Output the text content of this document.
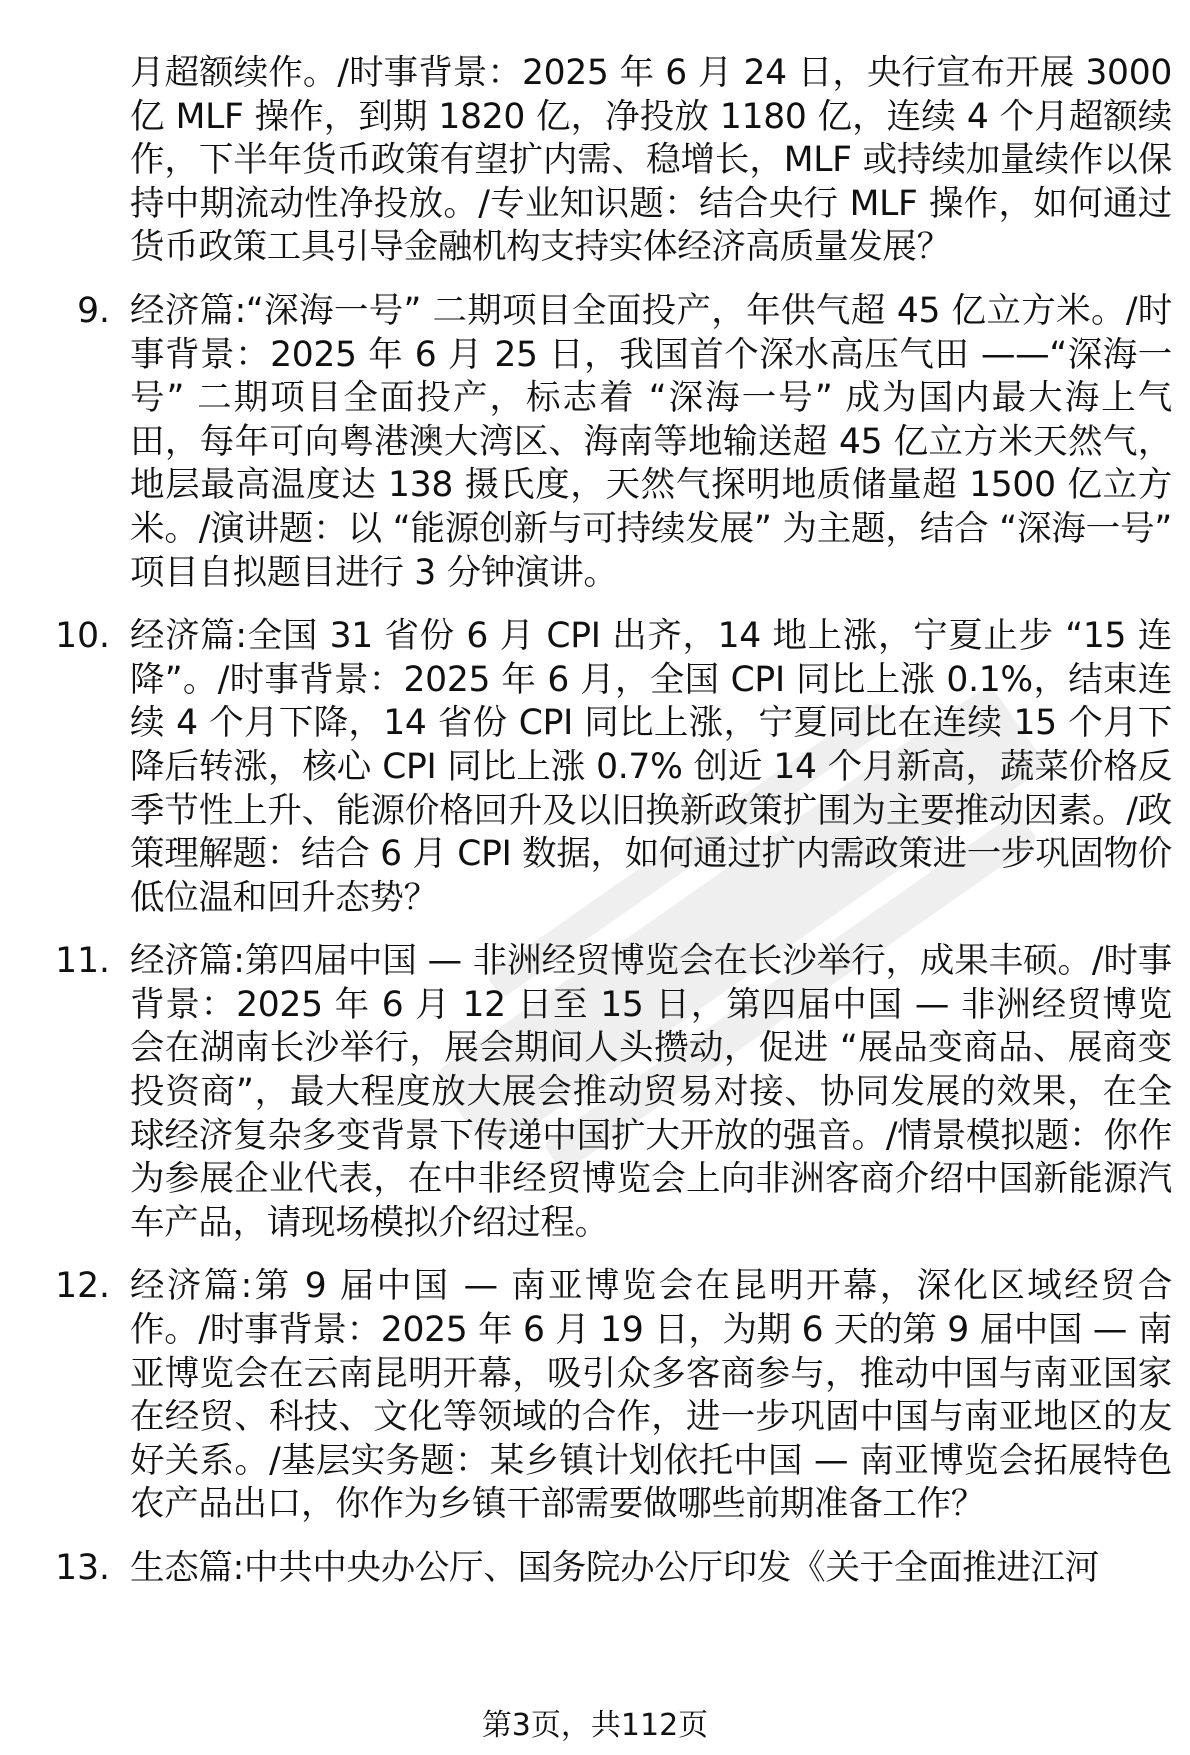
月超额续作。/时事背景：2025 年 6 月 24 日，央行宣布开展 3000 亿 MLF 操作，到期 1820 亿，净投放 1180 亿，连续 4 个月超额续作，下半年货币政策有望扩内需、稳增长，MLF 或持续加量续作以保持中期流动性净投放。/专业知识题：结合央行 MLF 操作，如何通过货币政策工具引导金融机构支持实体经济高质量发展？

9. 经济篇:“深海一号” 二期项目全面投产，年供气超 45 亿立方米。/时事背景：2025 年 6 月 25 日，我国首个深水高压气田 ——“深海一号” 二期项目全面投产，标志着 “深海一号” 成为国内最大海上气田，每年可向粤港澳大湾区、海南等地输送超 45 亿立方米天然气，地层最高温度达 138 摄氏度，天然气探明地质储量超 1500 亿立方米。/演讲题：以 “能源创新与可持续发展” 为主题，结合 “深海一号” 项目自拟题目进行 3 分钟演讲。
10. 经济篇:全国 31 省份 6 月 CPI 出齐，14 地上涨，宁夏止步 “15 连降”。/时事背景：2025 年 6 月，全国 CPI 同比上涨 0.1%，结束连续 4 个月下降，14 省份 CPI 同比上涨，宁夏同比在连续 15 个月下降后转涨，核心 CPI 同比上涨 0.7% 创近 14 个月新高，蔬菜价格反季节性上升、能源价格回升及以旧换新政策扩围为主要推动因素。/政策理解题：结合 6 月 CPI 数据，如何通过扩内需政策进一步巩固物价低位温和回升态势？
11. 经济篇:第四届中国 — 非洲经贸博览会在长沙举行，成果丰硕。/时事背景：2025 年 6 月 12 日至 15 日，第四届中国 — 非洲经贸博览会在湖南长沙举行，展会期间人头攒动，促进 “展品变商品、展商变投资商”，最大程度放大展会推动贸易对接、协同发展的效果，在全球经济复杂多变背景下传递中国扩大开放的强音。/情景模拟题：你作为参展企业代表，在中非经贸博览会上向非洲客商介绍中国新能源汽车产品，请现场模拟介绍过程。
12. 经济篇:第 9 届中国 — 南亚博览会在昆明开幕，深化区域经贸合作。/时事背景：2025 年 6 月 19 日，为期 6 天的第 9 届中国 — 南亚博览会在云南昆明开幕，吸引众多客商参与，推动中国与南亚国家在经贸、科技、文化等领域的合作，进一步巩固中国与南亚地区的友好关系。/基层实务题：某乡镇计划依托中国 — 南亚博览会拓展特色农产品出口，你作为乡镇干部需要做哪些前期准备工作？
13. 生态篇:中共中央办公厅、国务院办公厅印发《关于全面推进江河
第3页，共112页
